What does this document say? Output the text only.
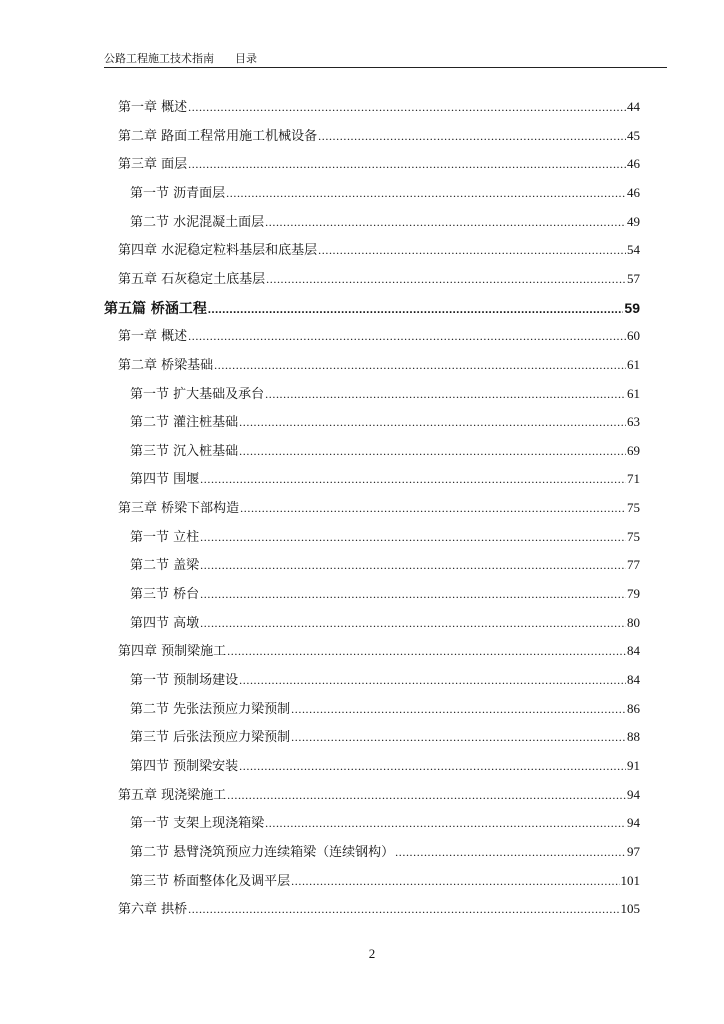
公路工程施工技术指南 目录
第一章 概述 .....	44
第二章 路面工程常用施工机械设备 .....	45
第三章 面层 .....	46
第一节 沥青面层 .....	46
第二节 水泥混凝土面层 .....	49
第四章 水泥稳定粒料基层和底基层 .....	54
第五章 石灰稳定土底基层 .....	57
第五篇 桥涵工程 .....	59
第一章 概述 .....	60
第二章 桥梁基础 .....	61
第一节 扩大基础及承台 .....	61
第二节 灌注桩基础 .....	63
第三节 沉入桩基础 .....	69
第四节 围堰 .....	71
第三章 桥梁下部构造 .....	75
第一节 立柱 .....	75
第二节 盖梁 .....	77
第三节 桥台 .....	79
第四节 高墩 .....	80
第四章 预制梁施工 .....	84
第一节 预制场建设 .....	84
第二节 先张法预应力梁预制 .....	86
第三节 后张法预应力梁预制 .....	88
第四节 预制梁安装 .....	91
第五章 现浇梁施工 .....	94
第一节 支架上现浇箱梁 .....	94
第二节 悬臂浇筑预应力连续箱梁（连续钢构） .....	97
第三节 桥面整体化及调平层 .....	101
第六章 拱桥 .....	105
2
